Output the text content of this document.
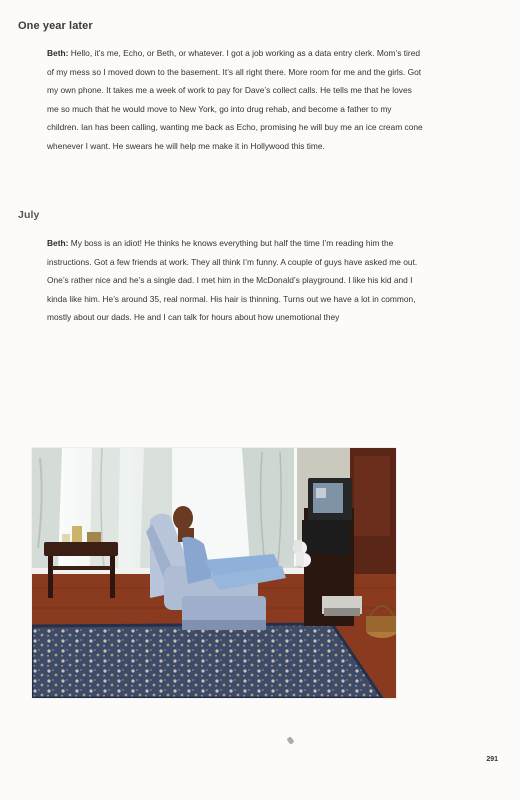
One year later

Beth: Hello, it’s me, Echo, or Beth, or whatever. I got a job working as a data entry clerk. Mom’s tired of my mess so I moved down to the basement. It’s all right there. More room for me and the girls. Got my own phone. It takes me a week of work to pay for Dave’s collect calls. He tells me that he loves me so much that he would move to New York, go into drug rehab, and become a father to my children. Ian has been calling, wanting me back as Echo, promising he will buy me an ice cream cone whenever I want. He swears he will help me make it in Hollywood this time.

July

Beth: My boss is an idiot! He thinks he knows everything but half the time I’m reading him the instructions. Got a few friends at work. They all think I’m funny. A couple of guys have asked me out. One’s rather nice and he’s a single dad. I met him in the McDonald’s playground. I like his kid and I kinda like him. He’s around 35, real normal. His hair is thinning. Turns out we have a lot in common, mostly about our dads. He and I can talk for hours about how unemotional they

291
